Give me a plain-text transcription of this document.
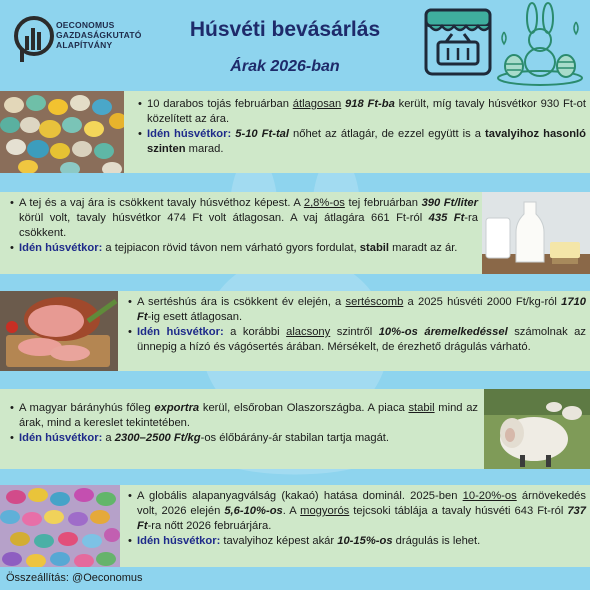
OECONOMUS
GAZDASÁGKUTATÓ
ALAPÍTVÁNY
Húsvéti bevásárlás
Árak 2026-ban
• 10 darabos tojás februárban átlagosan 918 Ft-ba került, míg tavaly húsvétkor 930 Ft-ot közelített az ára.
• Idén húsvétkor: 5-10 Ft-tal nőhet az átlagár, de ezzel együtt is a tavalyihoz hasonló szinten marad.
• A tej és a vaj ára is csökkent tavaly húsvéthoz képest. A 2,8%-os tej februárban 390 Ft/liter körül volt, tavaly húsvétkor 474 Ft volt átlagosan. A vaj átlagára 661 Ft-ról 435 Ft-ra csökkent.
• Idén húsvétkor: a tejpiacon rövid távon nem várható gyors fordulat, stabil maradt az ár.
• A sertéshús ára is csökkent év elején, a sertéscomb a 2025 húsvéti 2000 Ft/kg-ról 1710 Ft-ig esett átlagosan.
• Idén húsvétkor: a korábbi alacsony szintről 10%-os áremelkedéssel számolnak az ünnepig a hízó és vágósertés árában. Mérsékelt, de érezhető drágulás várható.
• A magyar bárányhús főleg exportra kerül, elsőroban Olaszországba. A piaca stabil mind az árak, mind a kereslet tekintetében.
• Idén húsvétkor: a 2300–2500 Ft/kg-os élőbárány-ár stabilan tartja magát.
• A globális alapanyagválság (kakaó) hatása dominál. 2025-ben 10-20%-os árnövekedés volt, 2026 elején 5,6-10%-os. A mogyorós tejcsoki táblája a tavaly húsvéti 643 Ft-ról 737 Ft-ra nőtt 2026 februárjára.
• Idén húsvétkor: tavalyihoz képest akár 10-15%-os drágulás is lehet.
Összeállítás: @Oeconomus
